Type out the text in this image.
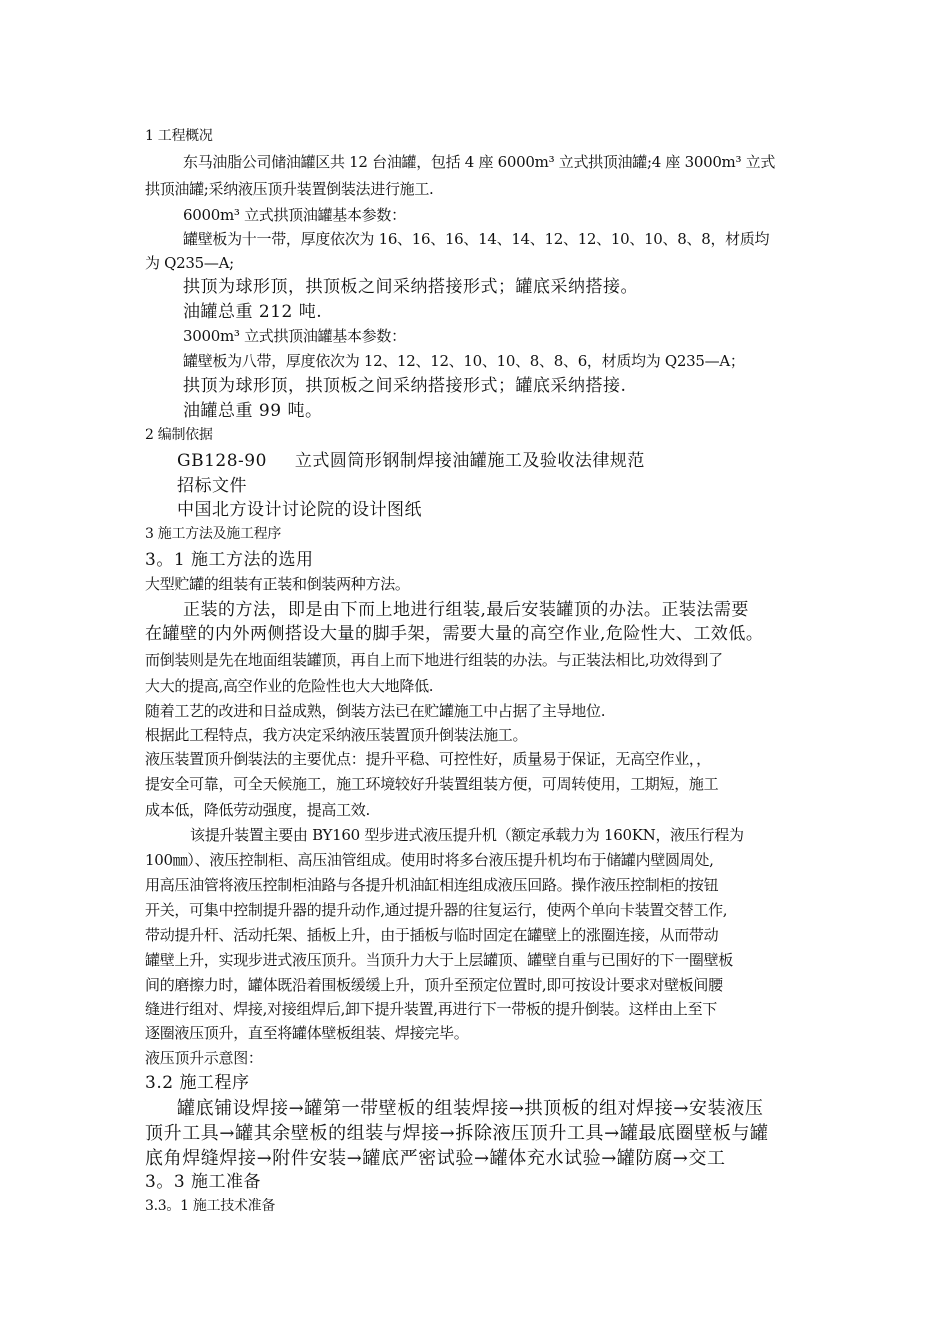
1 工程概况
东马油脂公司储油罐区共 12 台油罐，包括 4 座 6000m³ 立式拱顶油罐;4 座 3000m³ 立式
拱顶油罐;采纳液压顶升装置倒装法进行施工.
6000m³ 立式拱顶油罐基本参数：
罐壁板为十一带，厚度依次为 16、16、16、14、14、12、12、10、10、8、8，材质均
为 Q235—A;
拱顶为球形顶，拱顶板之间采纳搭接形式；罐底采纳搭接。
油罐总重 212 吨.
3000m³ 立式拱顶油罐基本参数：
罐壁板为八带，厚度依次为 12、12、12、10、10、8、8、6，材质均为 Q235—A；
拱顶为球形顶，拱顶板之间采纳搭接形式；罐底采纳搭接.
油罐总重 99 吨。
2 编制依据
GB128-90 立式圆筒形钢制焊接油罐施工及验收法律规范
招标文件
中国北方设计讨论院的设计图纸
3 施工方法及施工程序
3。1 施工方法的选用
大型贮罐的组装有正装和倒装两种方法。
正装的方法，即是由下而上地进行组装,最后安装罐顶的办法。正装法需要
在罐壁的内外两侧搭设大量的脚手架，需要大量的高空作业,危险性大、工效低。
而倒装则是先在地面组装罐顶，再自上而下地进行组装的办法。与正装法相比,功效得到了
大大的提高,高空作业的危险性也大大地降低.
随着工艺的改进和日益成熟，倒装方法已在贮罐施工中占据了主导地位.
根据此工程特点，我方决定采纳液压装置顶升倒装法施工。
液压装置顶升倒装法的主要优点：提升平稳、可控性好，质量易于保证，无高空作业，，
提安全可靠，可全天候施工，施工环境较好升装置组装方便，可周转使用，工期短，施工
成本低，降低劳动强度，提高工效.
该提升装置主要由 BY160 型步进式液压提升机（额定承载力为 160KN，液压行程为
100㎜）、液压控制柜、高压油管组成。使用时将多台液压提升机均布于储罐内壁圆周处,
用高压油管将液压控制柜油路与各提升机油缸相连组成液压回路。操作液压控制柜的按钮
开关，可集中控制提升器的提升动作,通过提升器的往复运行，使两个单向卡装置交替工作,
带动提升杆、活动托架、插板上升，由于插板与临时固定在罐壁上的涨圈连接，从而带动
罐壁上升，实现步进式液压顶升。当顶升力大于上层罐顶、罐壁自重与已围好的下一圈壁板
间的磨擦力时，罐体既沿着围板缓缓上升，顶升至预定位置时,即可按设计要求对壁板间腰
缝进行组对、焊接,对接组焊后,卸下提升装置,再进行下一带板的提升倒装。这样由上至下
逐圈液压顶升，直至将罐体壁板组装、焊接完毕。
液压顶升示意图：
3.2 施工程序
罐底铺设焊接→罐第一带壁板的组装焊接→拱顶板的组对焊接→安装液压
顶升工具→罐其余壁板的组装与焊接→拆除液压顶升工具→罐最底圈壁板与罐
底角焊缝焊接→附件安装→罐底严密试验→罐体充水试验→罐防腐→交工
3。3 施工准备
3.3。1 施工技术准备
